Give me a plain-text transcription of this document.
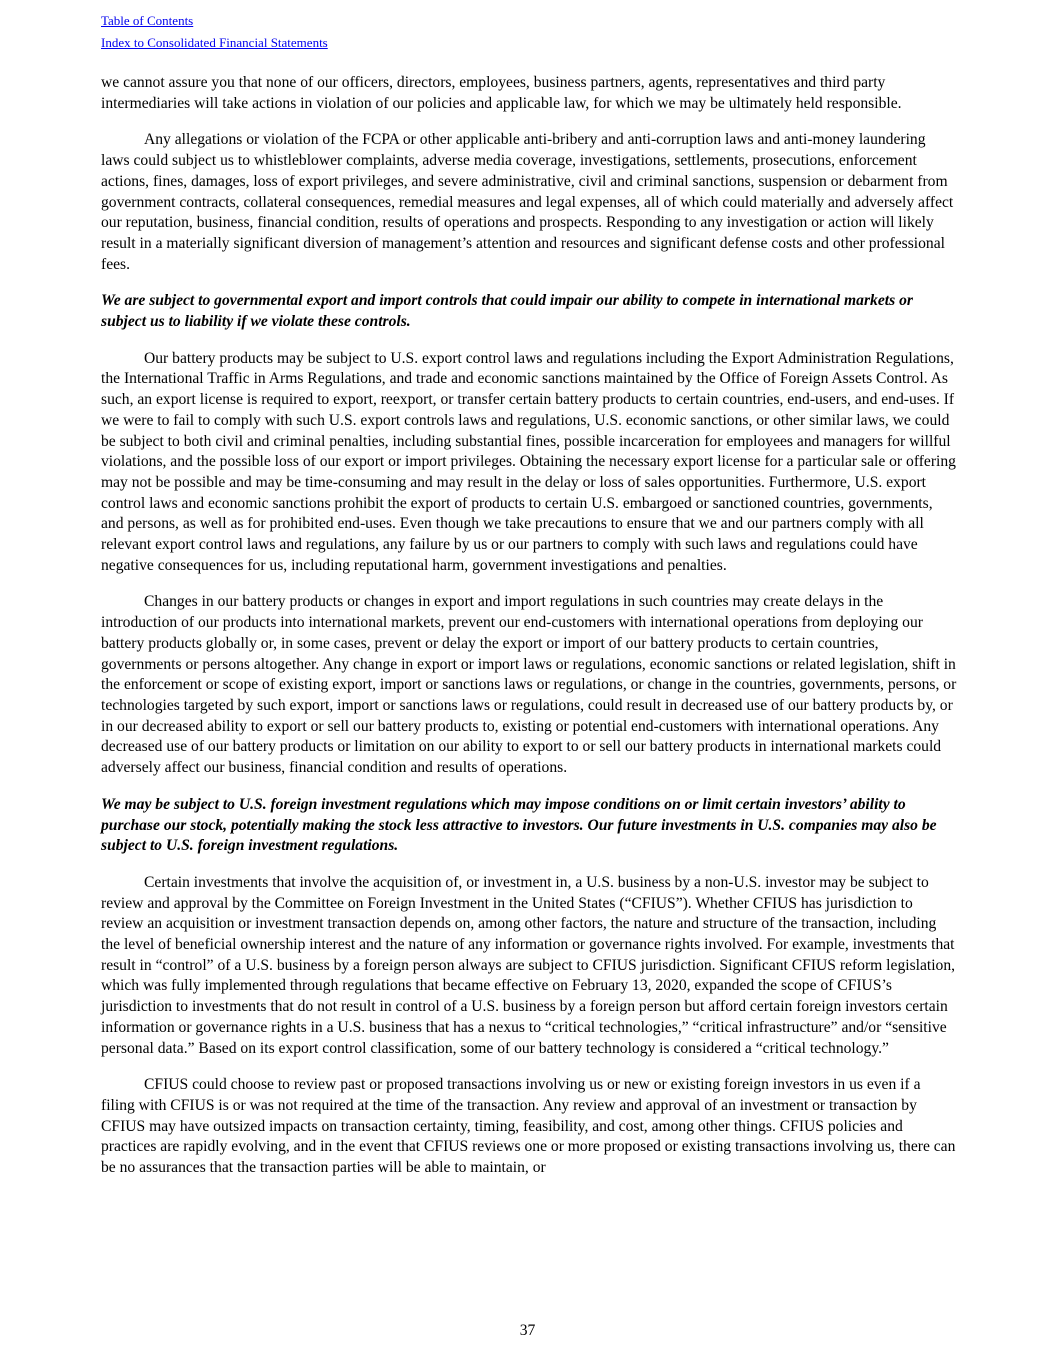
Table of Contents
Index to Consolidated Financial Statements

we cannot assure you that none of our officers, directors, employees, business partners, agents, representatives and third party intermediaries will take actions in violation of our policies and applicable law, for which we may be ultimately held responsible.

Any allegations or violation of the FCPA or other applicable anti-bribery and anti-corruption laws and anti-money laundering laws could subject us to whistleblower complaints, adverse media coverage, investigations, settlements, prosecutions, enforcement actions, fines, damages, loss of export privileges, and severe administrative, civil and criminal sanctions, suspension or debarment from government contracts, collateral consequences, remedial measures and legal expenses, all of which could materially and adversely affect our reputation, business, financial condition, results of operations and prospects. Responding to any investigation or action will likely result in a materially significant diversion of management’s attention and resources and significant defense costs and other professional fees.

We are subject to governmental export and import controls that could impair our ability to compete in international markets or subject us to liability if we violate these controls.

Our battery products may be subject to U.S. export control laws and regulations including the Export Administration Regulations, the International Traffic in Arms Regulations, and trade and economic sanctions maintained by the Office of Foreign Assets Control. As such, an export license is required to export, reexport, or transfer certain battery products to certain countries, end-users, and end-uses. If we were to fail to comply with such U.S. export controls laws and regulations, U.S. economic sanctions, or other similar laws, we could be subject to both civil and criminal penalties, including substantial fines, possible incarceration for employees and managers for willful violations, and the possible loss of our export or import privileges. Obtaining the necessary export license for a particular sale or offering may not be possible and may be time-consuming and may result in the delay or loss of sales opportunities. Furthermore, U.S. export control laws and economic sanctions prohibit the export of products to certain U.S. embargoed or sanctioned countries, governments, and persons, as well as for prohibited end-uses. Even though we take precautions to ensure that we and our partners comply with all relevant export control laws and regulations, any failure by us or our partners to comply with such laws and regulations could have negative consequences for us, including reputational harm, government investigations and penalties.

Changes in our battery products or changes in export and import regulations in such countries may create delays in the introduction of our products into international markets, prevent our end-customers with international operations from deploying our battery products globally or, in some cases, prevent or delay the export or import of our battery products to certain countries, governments or persons altogether. Any change in export or import laws or regulations, economic sanctions or related legislation, shift in the enforcement or scope of existing export, import or sanctions laws or regulations, or change in the countries, governments, persons, or technologies targeted by such export, import or sanctions laws or regulations, could result in decreased use of our battery products by, or in our decreased ability to export or sell our battery products to, existing or potential end-customers with international operations. Any decreased use of our battery products or limitation on our ability to export to or sell our battery products in international markets could adversely affect our business, financial condition and results of operations.

We may be subject to U.S. foreign investment regulations which may impose conditions on or limit certain investors’ ability to purchase our stock, potentially making the stock less attractive to investors. Our future investments in U.S. companies may also be subject to U.S. foreign investment regulations.

Certain investments that involve the acquisition of, or investment in, a U.S. business by a non-U.S. investor may be subject to review and approval by the Committee on Foreign Investment in the United States (“CFIUS”). Whether CFIUS has jurisdiction to review an acquisition or investment transaction depends on, among other factors, the nature and structure of the transaction, including the level of beneficial ownership interest and the nature of any information or governance rights involved. For example, investments that result in “control” of a U.S. business by a foreign person always are subject to CFIUS jurisdiction. Significant CFIUS reform legislation, which was fully implemented through regulations that became effective on February 13, 2020, expanded the scope of CFIUS’s jurisdiction to investments that do not result in control of a U.S. business by a foreign person but afford certain foreign investors certain information or governance rights in a U.S. business that has a nexus to “critical technologies,” “critical infrastructure” and/or “sensitive personal data.” Based on its export control classification, some of our battery technology is considered a “critical technology.”

CFIUS could choose to review past or proposed transactions involving us or new or existing foreign investors in us even if a filing with CFIUS is or was not required at the time of the transaction. Any review and approval of an investment or transaction by CFIUS may have outsized impacts on transaction certainty, timing, feasibility, and cost, among other things. CFIUS policies and practices are rapidly evolving, and in the event that CFIUS reviews one or more proposed or existing transactions involving us, there can be no assurances that the transaction parties will be able to maintain, or

37
